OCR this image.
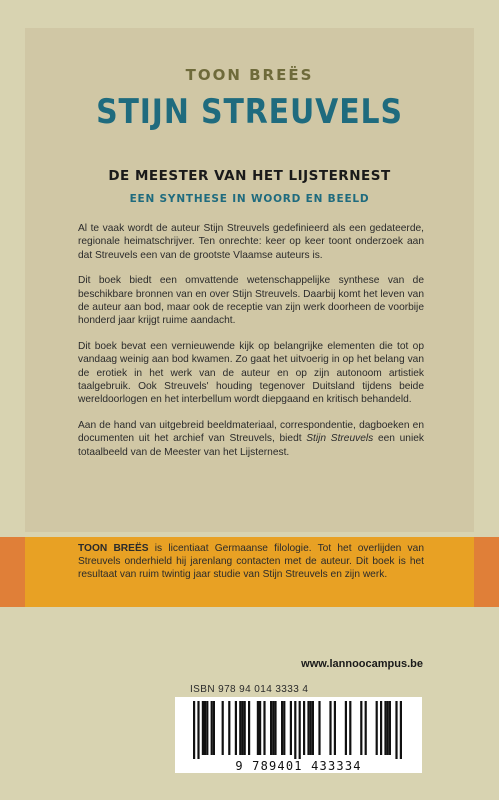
TOON BREËS
STIJN STREUVELS
DE MEESTER VAN HET LIJSTERNEST
EEN SYNTHESE IN WOORD EN BEELD

Al te vaak wordt de auteur Stijn Streuvels gedefinieerd als een gedateerde, regionale heimatschrijver. Ten onrechte: keer op keer toont onderzoek aan dat Streuvels een van de grootste Vlaamse auteurs is.

Dit boek biedt een omvattende wetenschappelijke synthese van de beschikbare bronnen van en over Stijn Streuvels. Daarbij komt het leven van de auteur aan bod, maar ook de receptie van zijn werk doorheen de voorbije honderd jaar krijgt ruime aandacht.

Dit boek bevat een vernieuwende kijk op belangrijke elementen die tot op vandaag weinig aan bod kwamen. Zo gaat het uitvoerig in op het belang van de erotiek in het werk van de auteur en op zijn autonoom artistiek taalgebruik. Ook Streuvels' houding tegenover Duitsland tijdens beide wereldoorlogen en het interbellum wordt diepgaand en kritisch behandeld.

Aan de hand van uitgebreid beeldmateriaal, correspondentie, dagboeken en documenten uit het archief van Streuvels, biedt Stijn Streuvels een uniek totaalbeeld van de Meester van het Lijsternest.

TOON BREËS is licentiaat Germaanse filologie. Tot het overlijden van Streuvels onderhield hij jarenlang contacten met de auteur. Dit boek is het resultaat van ruim twintig jaar studie van Stijn Streuvels en zijn werk.
www.lannoocampus.be
ISBN 978 94 014 3333 4
9 789401 433334
